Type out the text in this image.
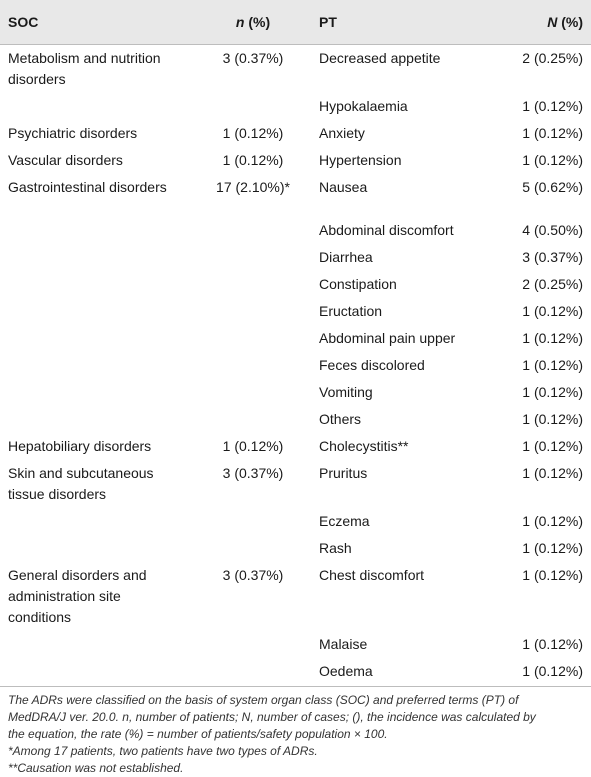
SOC	n (%)	PT	N (%)
Metabolism and nutrition disorders	3 (0.37%)	Decreased appetite	2 (0.25%)
		Hypokalaemia	1 (0.12%)
Psychiatric disorders	1 (0.12%)	Anxiety	1 (0.12%)
Vascular disorders	1 (0.12%)	Hypertension	1 (0.12%)
Gastrointestinal disorders	17 (2.10%)*	Nausea	5 (0.62%)
		Abdominal discomfort	4 (0.50%)
		Diarrhea	3 (0.37%)
		Constipation	2 (0.25%)
		Eructation	1 (0.12%)
		Abdominal pain upper	1 (0.12%)
		Feces discolored	1 (0.12%)
		Vomiting	1 (0.12%)
		Others	1 (0.12%)
Hepatobiliary disorders	1 (0.12%)	Cholecystitis**	1 (0.12%)
Skin and subcutaneous tissue disorders	3 (0.37%)	Pruritus	1 (0.12%)
		Eczema	1 (0.12%)
		Rash	1 (0.12%)
General disorders and administration site conditions	3 (0.37%)	Chest discomfort	1 (0.12%)
		Malaise	1 (0.12%)
		Oedema	1 (0.12%)

The ADRs were classified on the basis of system organ class (SOC) and preferred terms (PT) of MedDRA/J ver. 20.0. n, number of patients; N, number of cases; (), the incidence was calculated by the equation, the rate (%) = number of patients/safety population × 100.

*Among 17 patients, two patients have two types of ADRs.

**Causation was not established.
